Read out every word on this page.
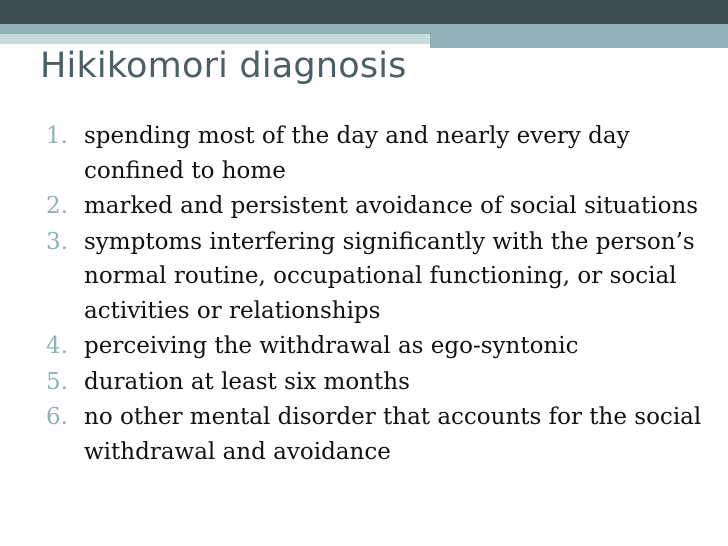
Hikikomori diagnosis
1. spending most of the day and nearly every day confined to home
2. marked and persistent avoidance of social situations
3. symptoms interfering significantly with the person’s normal routine, occupational functioning, or social activities or relationships
4. perceiving the withdrawal as ego-syntonic
5. duration at least six months
6. no other mental disorder that accounts for the social withdrawal and avoidance
